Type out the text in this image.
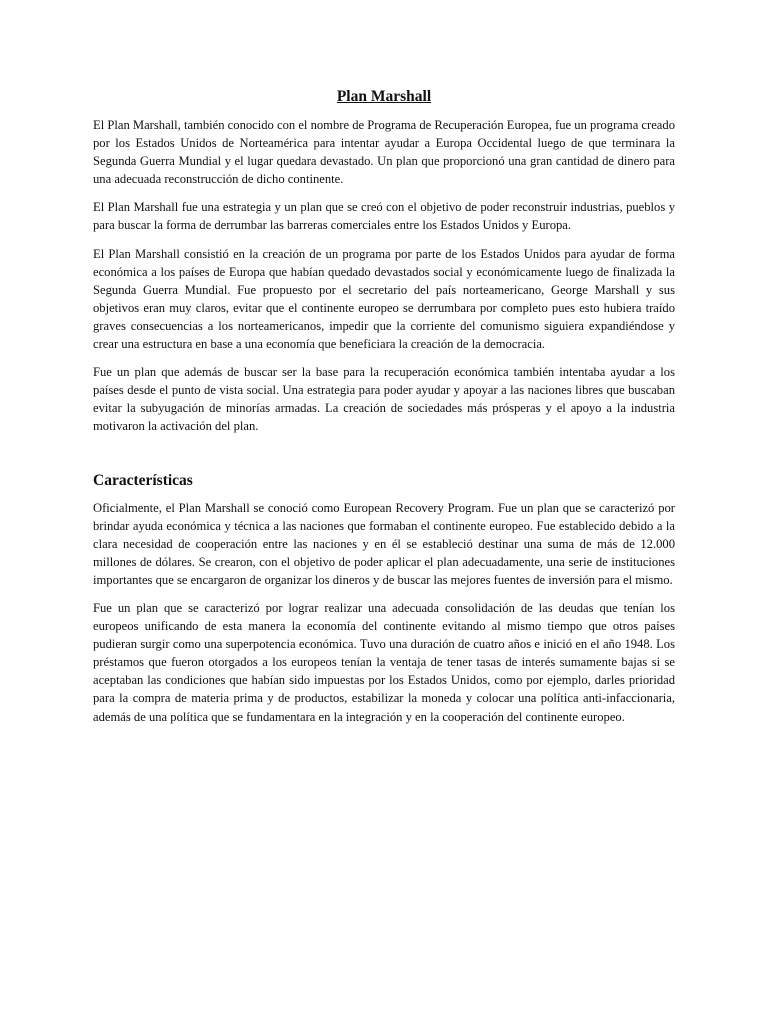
Plan Marshall

El Plan Marshall, también conocido con el nombre de Programa de Recuperación Europea, fue un programa creado por los Estados Unidos de Norteamérica para intentar ayudar a Europa Occidental luego de que terminara la Segunda Guerra Mundial y el lugar quedara devastado. Un plan que proporcionó una gran cantidad de dinero para una adecuada reconstrucción de dicho continente.

El Plan Marshall fue una estrategia y un plan que se creó con el objetivo de poder reconstruir industrias, pueblos y para buscar la forma de derrumbar las barreras comerciales entre los Estados Unidos y Europa.

El Plan Marshall consistió en la creación de un programa por parte de los Estados Unidos para ayudar de forma económica a los países de Europa que habían quedado devastados social y económicamente luego de finalizada la Segunda Guerra Mundial. Fue propuesto por el secretario del país norteamericano, George Marshall y sus objetivos eran muy claros, evitar que el continente europeo se derrumbara por completo pues esto hubiera traído graves consecuencias a los norteamericanos, impedir que la corriente del comunismo siguiera expandiéndose y crear una estructura en base a una economía que beneficiara la creación de la democracia.

Fue un plan que además de buscar ser la base para la recuperación económica también intentaba ayudar a los países desde el punto de vista social. Una estrategia para poder ayudar y apoyar a las naciones libres que buscaban evitar la subyugación de minorías armadas. La creación de sociedades más prósperas y el apoyo a la industria motivaron la activación del plan.

Características

Oficialmente, el Plan Marshall se conoció como European Recovery Program. Fue un plan que se caracterizó por brindar ayuda económica y técnica a las naciones que formaban el continente europeo. Fue establecido debido a la clara necesidad de cooperación entre las naciones y en él se estableció destinar una suma de más de 12.000 millones de dólares. Se crearon, con el objetivo de poder aplicar el plan adecuadamente, una serie de instituciones importantes que se encargaron de organizar los dineros y de buscar las mejores fuentes de inversión para el mismo.

Fue un plan que se caracterizó por lograr realizar una adecuada consolidación de las deudas que tenían los europeos unificando de esta manera la economía del continente evitando al mismo tiempo que otros países pudieran surgir como una superpotencia económica. Tuvo una duración de cuatro años e inició en el año 1948. Los préstamos que fueron otorgados a los europeos tenían la ventaja de tener tasas de interés sumamente bajas si se aceptaban las condiciones que habían sido impuestas por los Estados Unidos, como por ejemplo, darles prioridad para la compra de materia prima y de productos, estabilizar la moneda y colocar una política anti-infaccionaria, además de una política que se fundamentara en la integración y en la cooperación del continente europeo.
